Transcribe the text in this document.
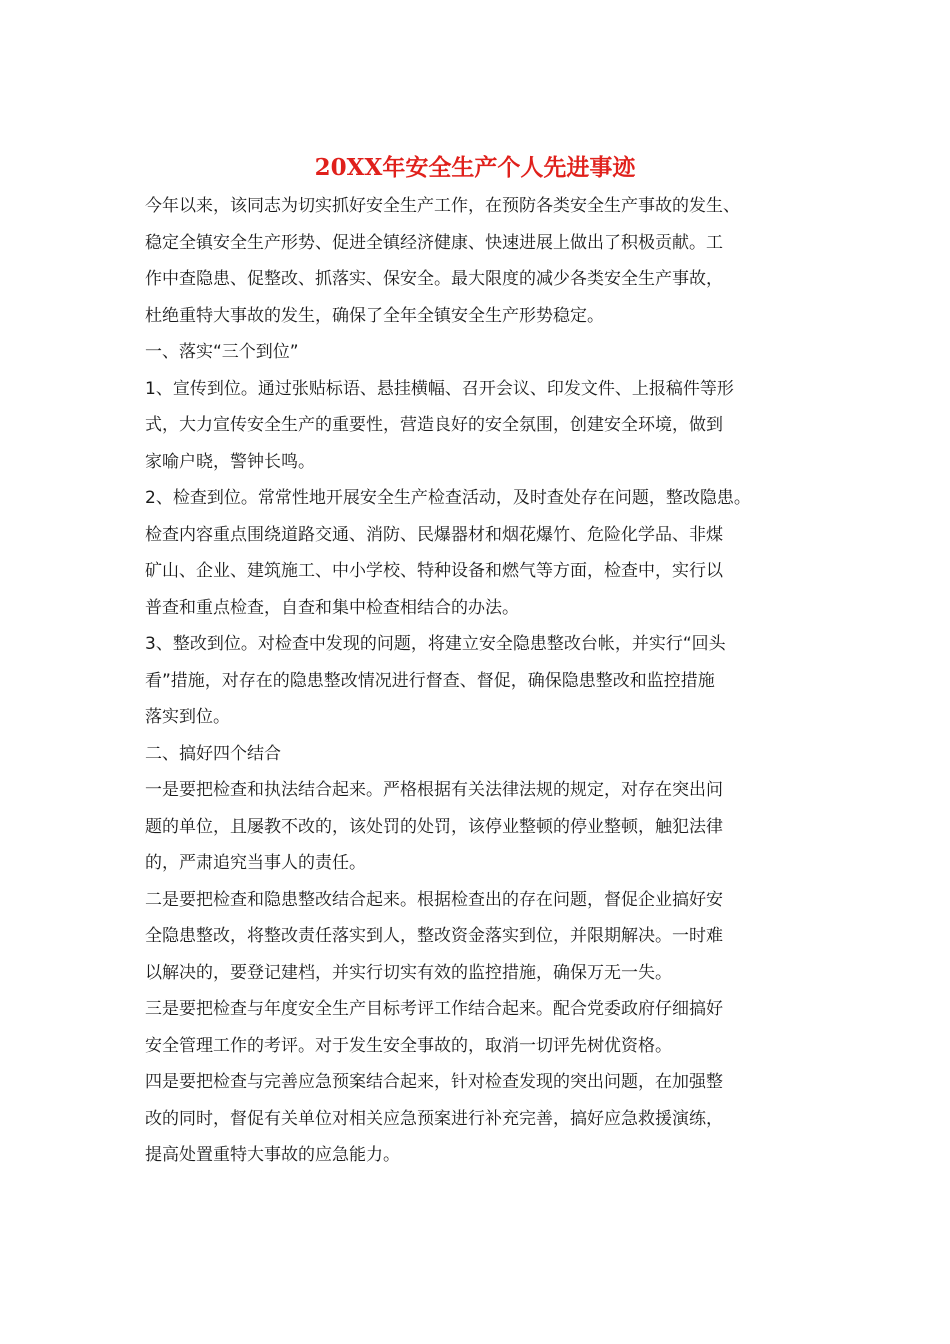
20XX年安全生产个人先进事迹
今年以来，该同志为切实抓好安全生产工作，在预防各类安全生产事故的发生、
稳定全镇安全生产形势、促进全镇经济健康、快速进展上做出了积极贡献。工
作中查隐患、促整改、抓落实、保安全。最大限度的减少各类安全生产事故，
杜绝重特大事故的发生，确保了全年全镇安全生产形势稳定。
一、落实“三个到位”
1、宣传到位。通过张贴标语、悬挂横幅、召开会议、印发文件、上报稿件等形
式，大力宣传安全生产的重要性，营造良好的安全氛围，创建安全环境，做到
家喻户晓，警钟长鸣。
2、检查到位。常常性地开展安全生产检查活动，及时查处存在问题，整改隐患。
检查内容重点围绕道路交通、消防、民爆器材和烟花爆竹、危险化学品、非煤
矿山、企业、建筑施工、中小学校、特种设备和燃气等方面，检查中，实行以
普查和重点检查，自查和集中检查相结合的办法。
3、整改到位。对检查中发现的问题，将建立安全隐患整改台帐，并实行“回头
看”措施，对存在的隐患整改情况进行督查、督促，确保隐患整改和监控措施
落实到位。
二、搞好四个结合
一是要把检查和执法结合起来。严格根据有关法律法规的规定，对存在突出问
题的单位，且屡教不改的，该处罚的处罚，该停业整顿的停业整顿，触犯法律
的，严肃追究当事人的责任。
二是要把检查和隐患整改结合起来。根据检查出的存在问题，督促企业搞好安
全隐患整改，将整改责任落实到人，整改资金落实到位，并限期解决。一时难
以解决的，要登记建档，并实行切实有效的监控措施，确保万无一失。
三是要把检查与年度安全生产目标考评工作结合起来。配合党委政府仔细搞好
安全管理工作的考评。对于发生安全事故的，取消一切评先树优资格。
四是要把检查与完善应急预案结合起来，针对检查发现的突出问题，在加强整
改的同时，督促有关单位对相关应急预案进行补充完善，搞好应急救援演练，
提高处置重特大事故的应急能力。
